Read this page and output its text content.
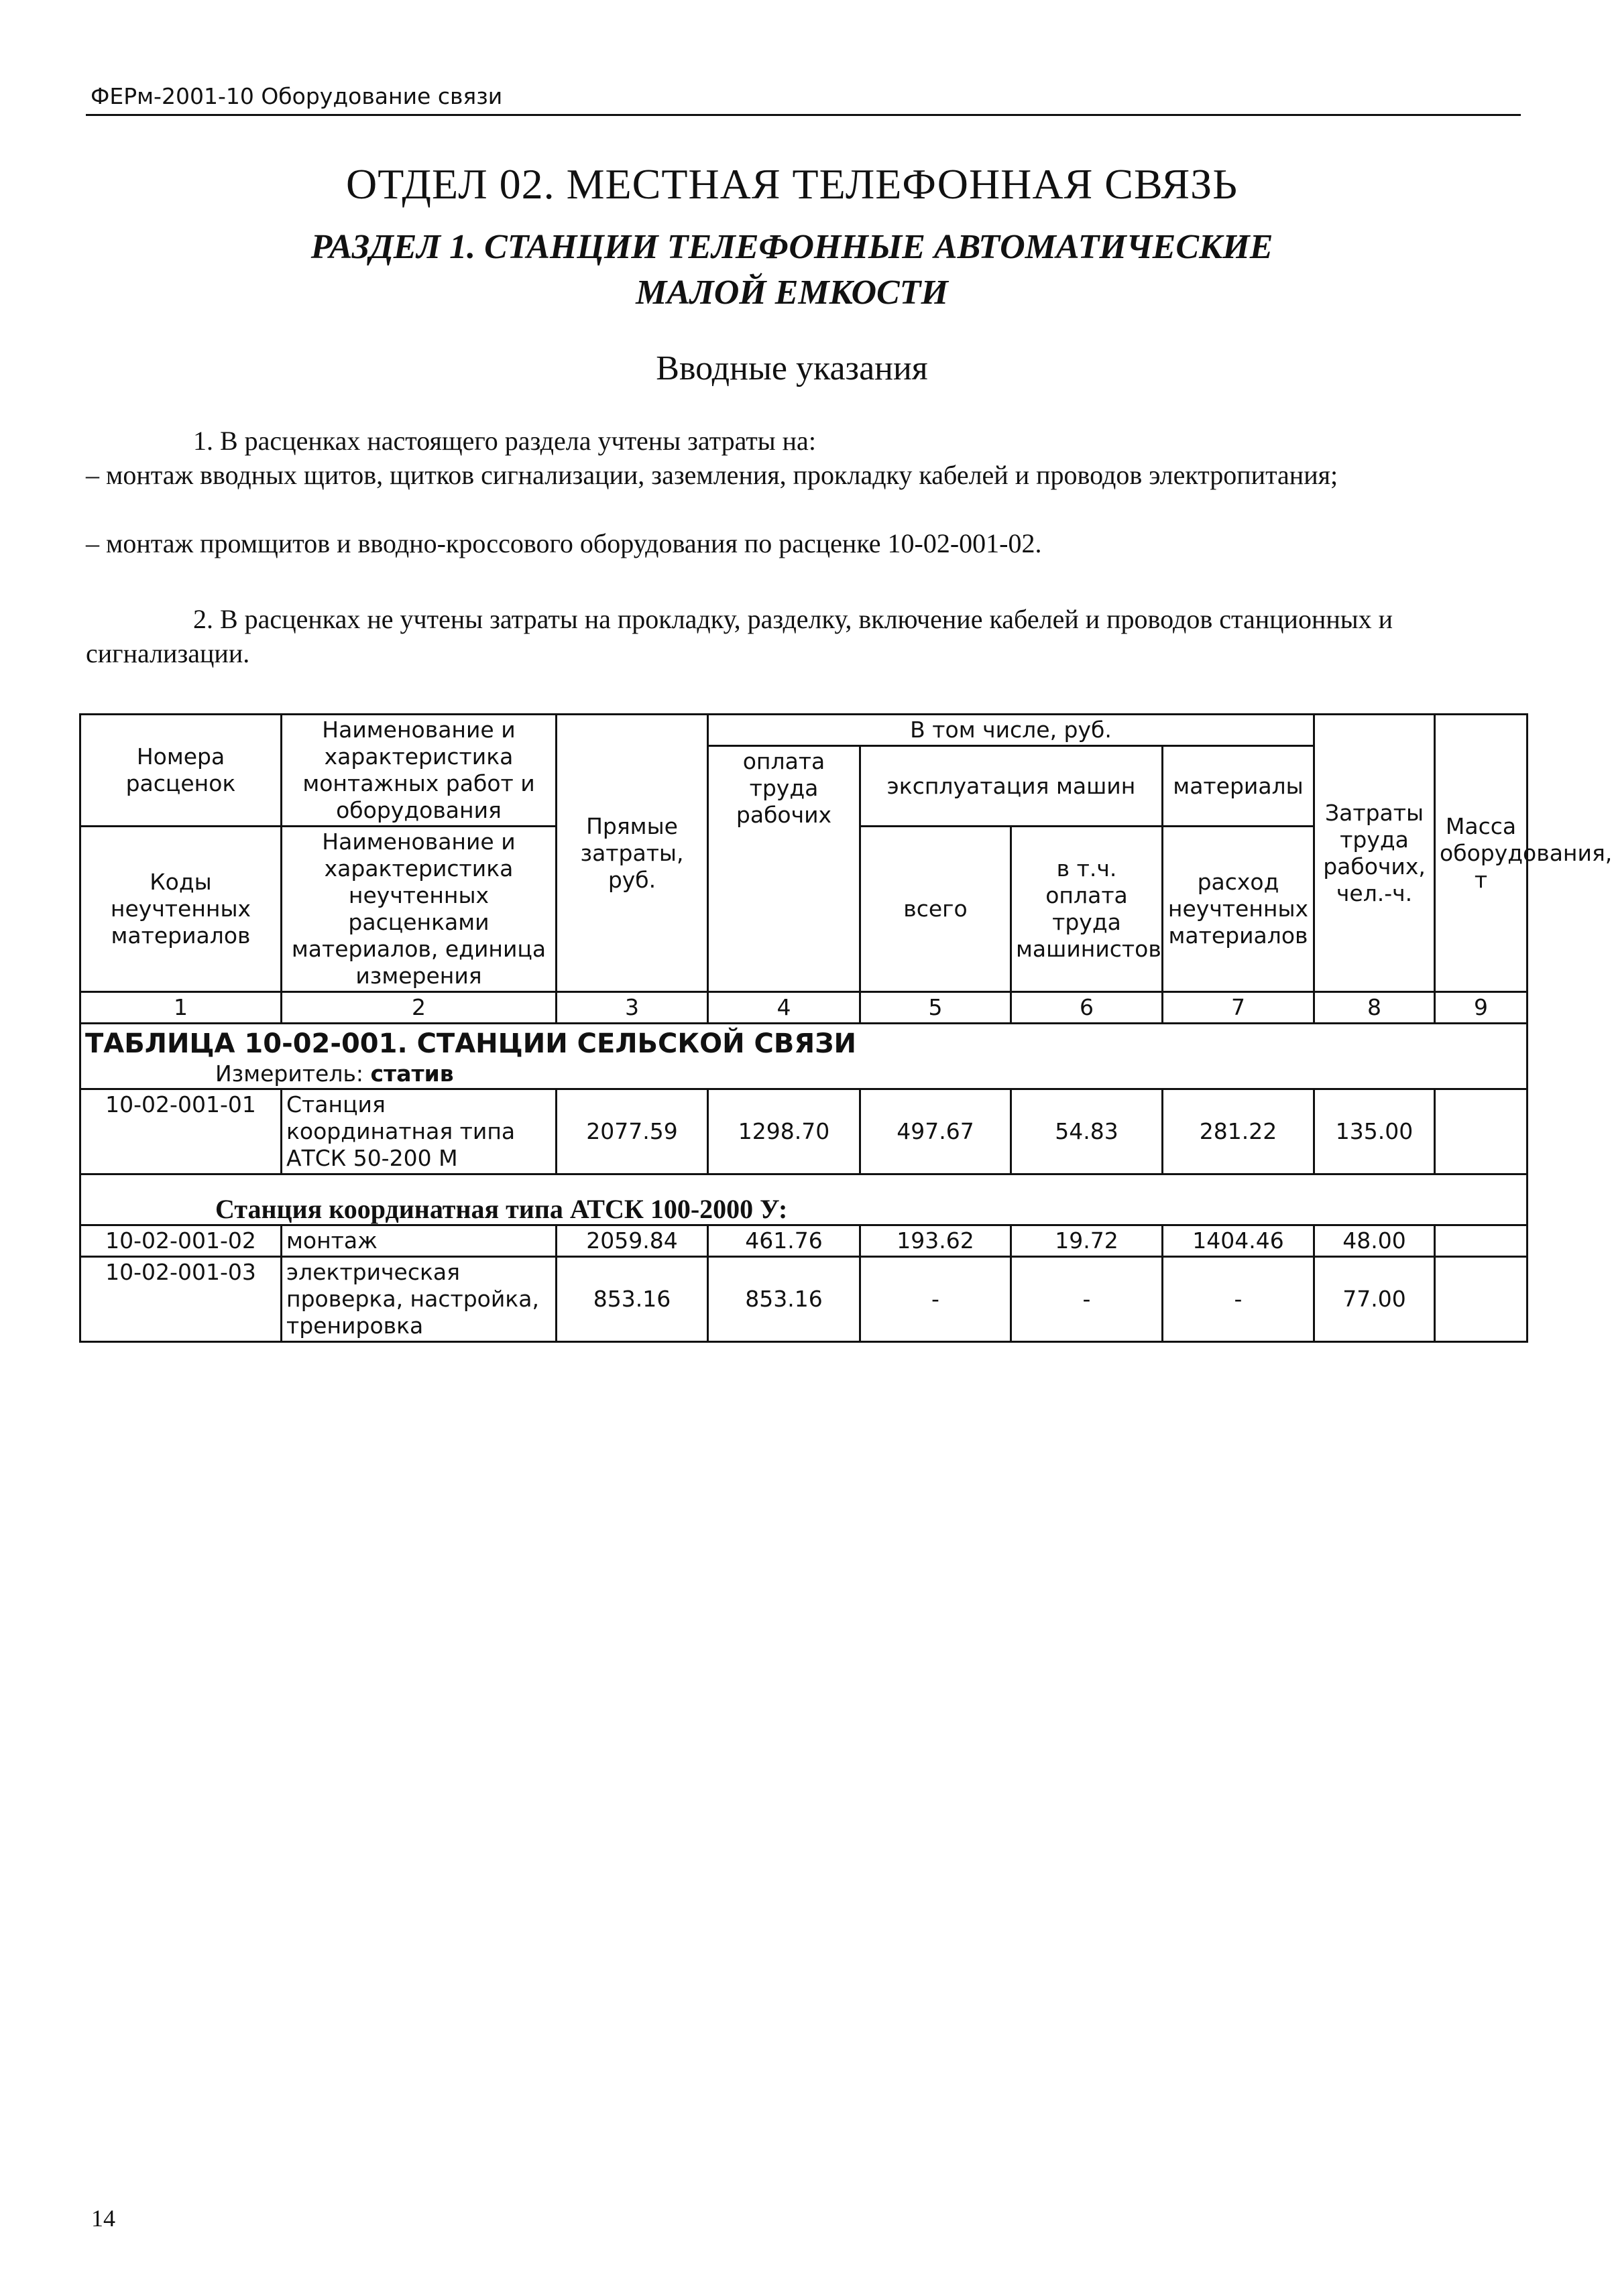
ФЕРм-2001-10 Оборудование связи
ОТДЕЛ 02. МЕСТНАЯ ТЕЛЕФОННАЯ СВЯЗЬ
РАЗДЕЛ 1. СТАНЦИИ ТЕЛЕФОННЫЕ АВТОМАТИЧЕСКИЕ
МАЛОЙ ЕМКОСТИ
Вводные указания
1. В расценках настоящего раздела учтены затраты на:
– монтаж вводных щитов, щитков сигнализации, заземления, прокладку кабелей и проводов электропитания;
– монтаж промщитов и вводно-кроссового оборудования по расценке 10-02-001-02.
2. В расценках не учтены затраты на прокладку, разделку, включение кабелей и проводов станционных и сигнализации.
Номера расценок	Наименование и характеристика монтажных работ и оборудования	Прямые затраты, руб.	В том числе, руб.				Затраты труда рабочих, чел.-ч.	Масса оборудования, т
			оплата труда рабочих	эксплуатация машин		материалы		

Коды неучтенных материалов	Наименование и характеристика неучтенных расценками материалов, единица измерения			всего	в т.ч. оплата труда машинистов	расход неучтенных материалов		

1	2	3	4	5	6	7	8	9
ТАБЛИЦА 10-02-001. СТАНЦИИ СЕЛЬСКОЙ СВЯЗИ								
Измеритель: статив								
10-02-001-01	Станция координатная типа АТСК 50-200 М	2077.59	1298.70	497.67	54.83	281.22	135.00	
Станция координатная типа АТСК 100-2000 У:								
10-02-001-02	монтаж	2059.84	461.76	193.62	19.72	1404.46	48.00	
10-02-001-03	электрическая проверка, настройка, тренировка	853.16	853.16	-	-	-	77.00	
14
